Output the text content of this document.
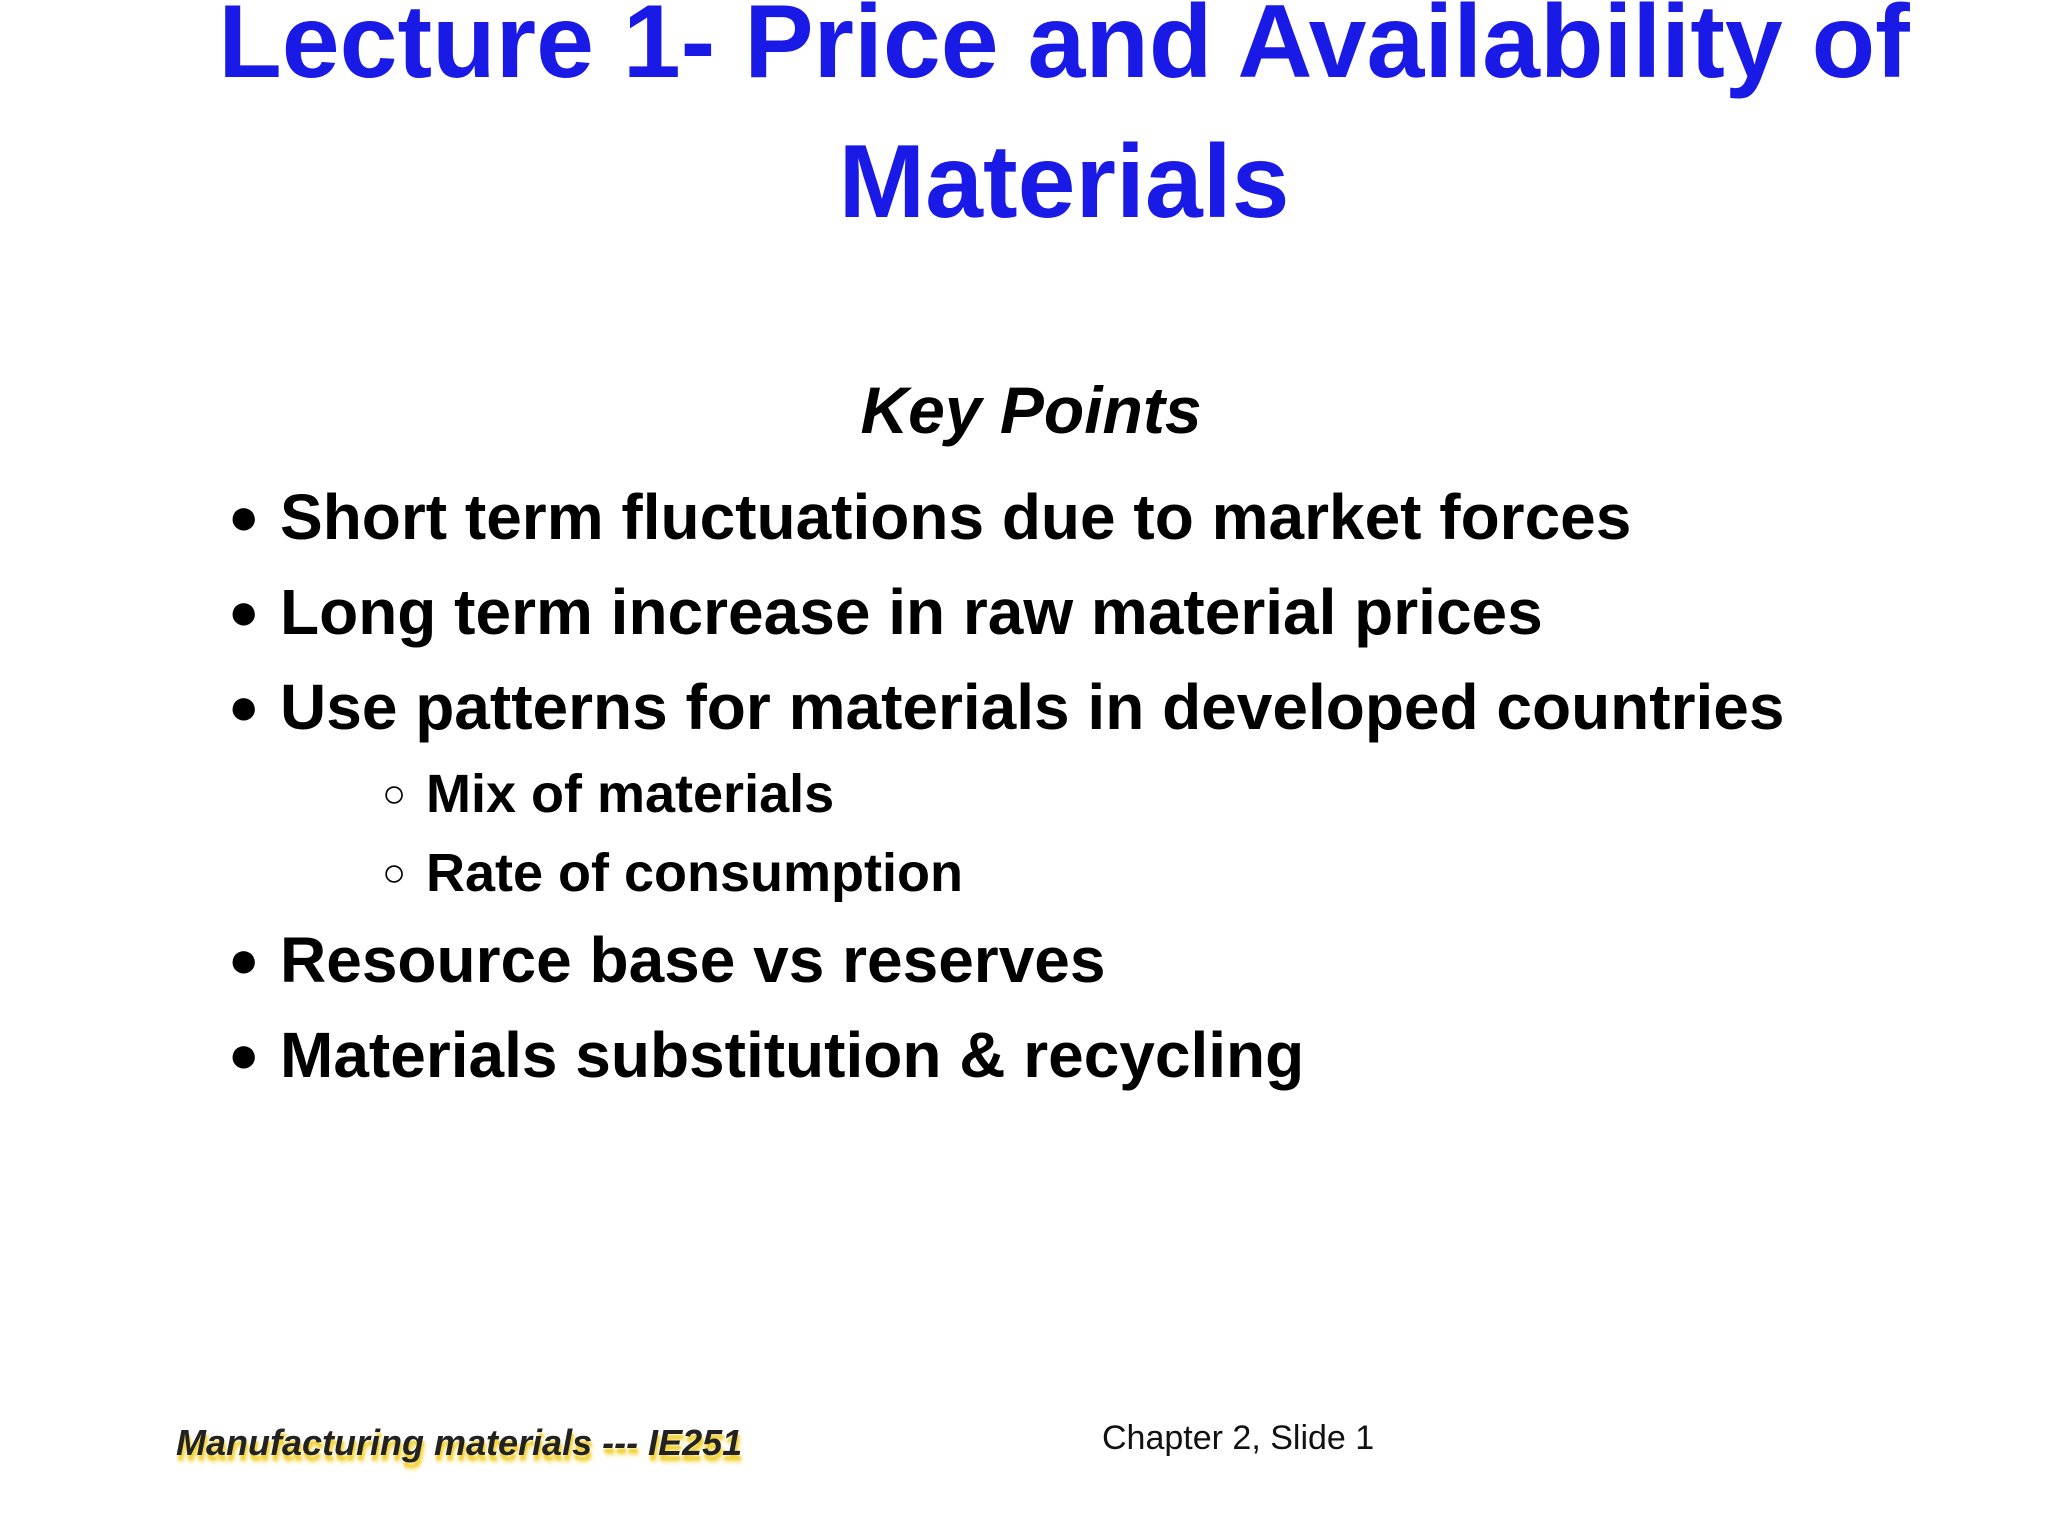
Lecture 1- Price and Availability of
Materials
Key Points
● Short term fluctuations due to market forces
● Long term increase in raw material prices
● Use patterns for materials in developed countries
○ Mix of materials
○ Rate of consumption
● Resource base vs reserves
● Materials substitution & recycling
Manufacturing materials --- IE251	Chapter 2, Slide 1
